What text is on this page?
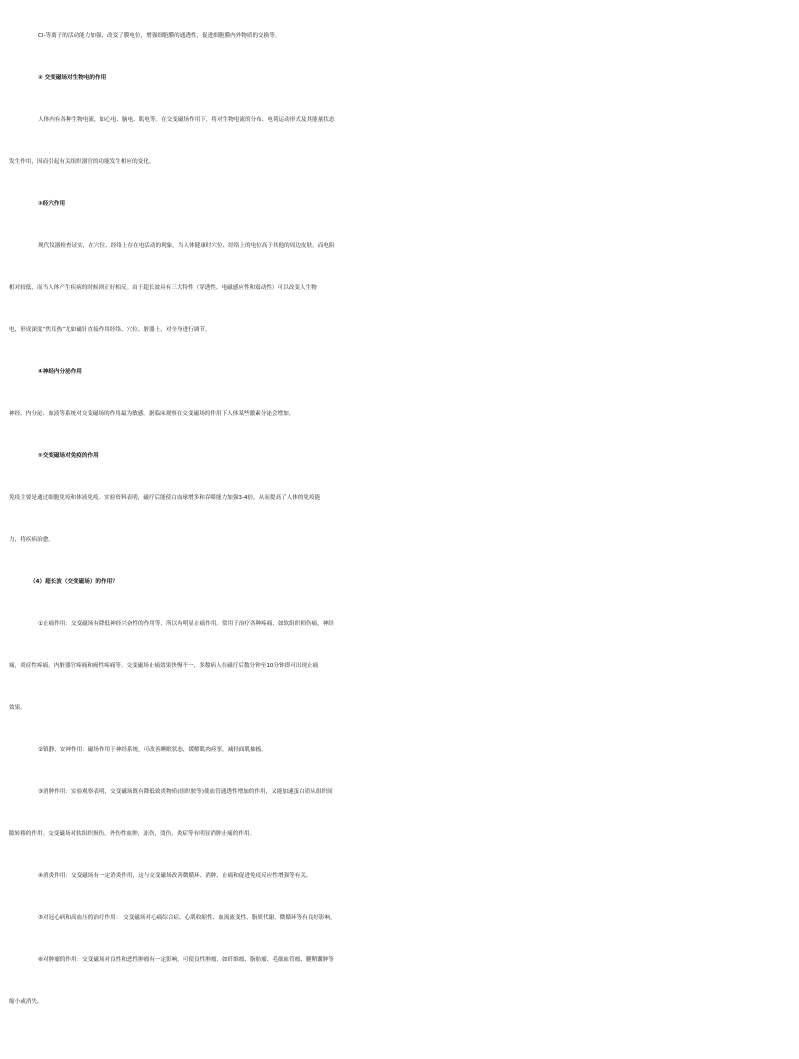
Cl-等离子的活动能力加强，改变了膜电位，增强细胞膜的通透性，促进细胞膜内外物质的交换等。
② 交变磁场对生物电的作用
人体内有各种生物电流，如心电、脑电、肌电等。在交变磁场作用下，将对生物电流的分布、电荷运动形式及其能量状态
发生作用，因而引起有关组织器官的功能发生相应的变化。
③经穴作用
现代仪器检查证实，在穴位、经络上存在电活动的现象。当人体健康时穴位、经络上的电位高于其他的周边皮肤，而电阻
相对较低，而当人体产生疾病的时候则正好相反。由于超长波具有三大特性（穿透性、电磁感应性和震动性）可以改变人生物
电，形成深度“焦耳热”尤如磁针直接作用经络、穴位、脏器上，对全身进行调节。
④神经内分泌作用
神经、内分泌、血液等系统对交变磁场的作用最为敏感。据临床观察在交变磁场的作用下人体某些激素分泌会增加。
⑤交变磁场对免疫的作用
免疫主要是通过细胞免疫和体液免疫。实验资料表明，磁疗后能使白血球增多和吞噬能力加强3-4倍。从而提高了人体的免疫能
力，将疾病治愈。
（4）超长波（交变磁场）的作用？
①止痛作用：交变磁场有降低神经兴奋性的作用等，所以有明显止痛作用。常用于治疗各种疼痛，如软组织损伤痛，神经
痛，炎症性疼痛，内脏器官疼痛和癌性疼痛等。交变磁场止痛效果快慢不一，多数病人在磁疗后数分钟至10分钟即可出现止痛
效果。
②镇静、安神作用：磁场作用于神经系统，可改善睡眠状态，缓解肌肉痉挛，减轻面肌抽搐。
③消肿作用：实验观察表明，交变磁场既有降低致炎物质(组织胺等)使血管通透性增加的作用，又能加速蛋白质从组织间
隙转移的作用。交变磁场对软组织损伤，外伤性血肿，冻伤，烫伤，炎症等有明显消肿止痛的作用。
④消炎作用：交变磁场有一定消炎作用，这与交变磁场改善微循环、消肿、止痛和促进免疫反应性增强等有关。
⑤对冠心病和高血压的治疗作用： 交变磁场对心痛综合症、心肌收缩性、血流流变性、脂质代谢、微循环等有良好影响。
⑥对肿瘤的作用：交变磁场对良性和恶性肿瘤有一定影响，可使良性肿瘤，如纤维瘤、脂肪瘤、毛细血管瘤、腱鞘囊肿等
缩小或消失。
